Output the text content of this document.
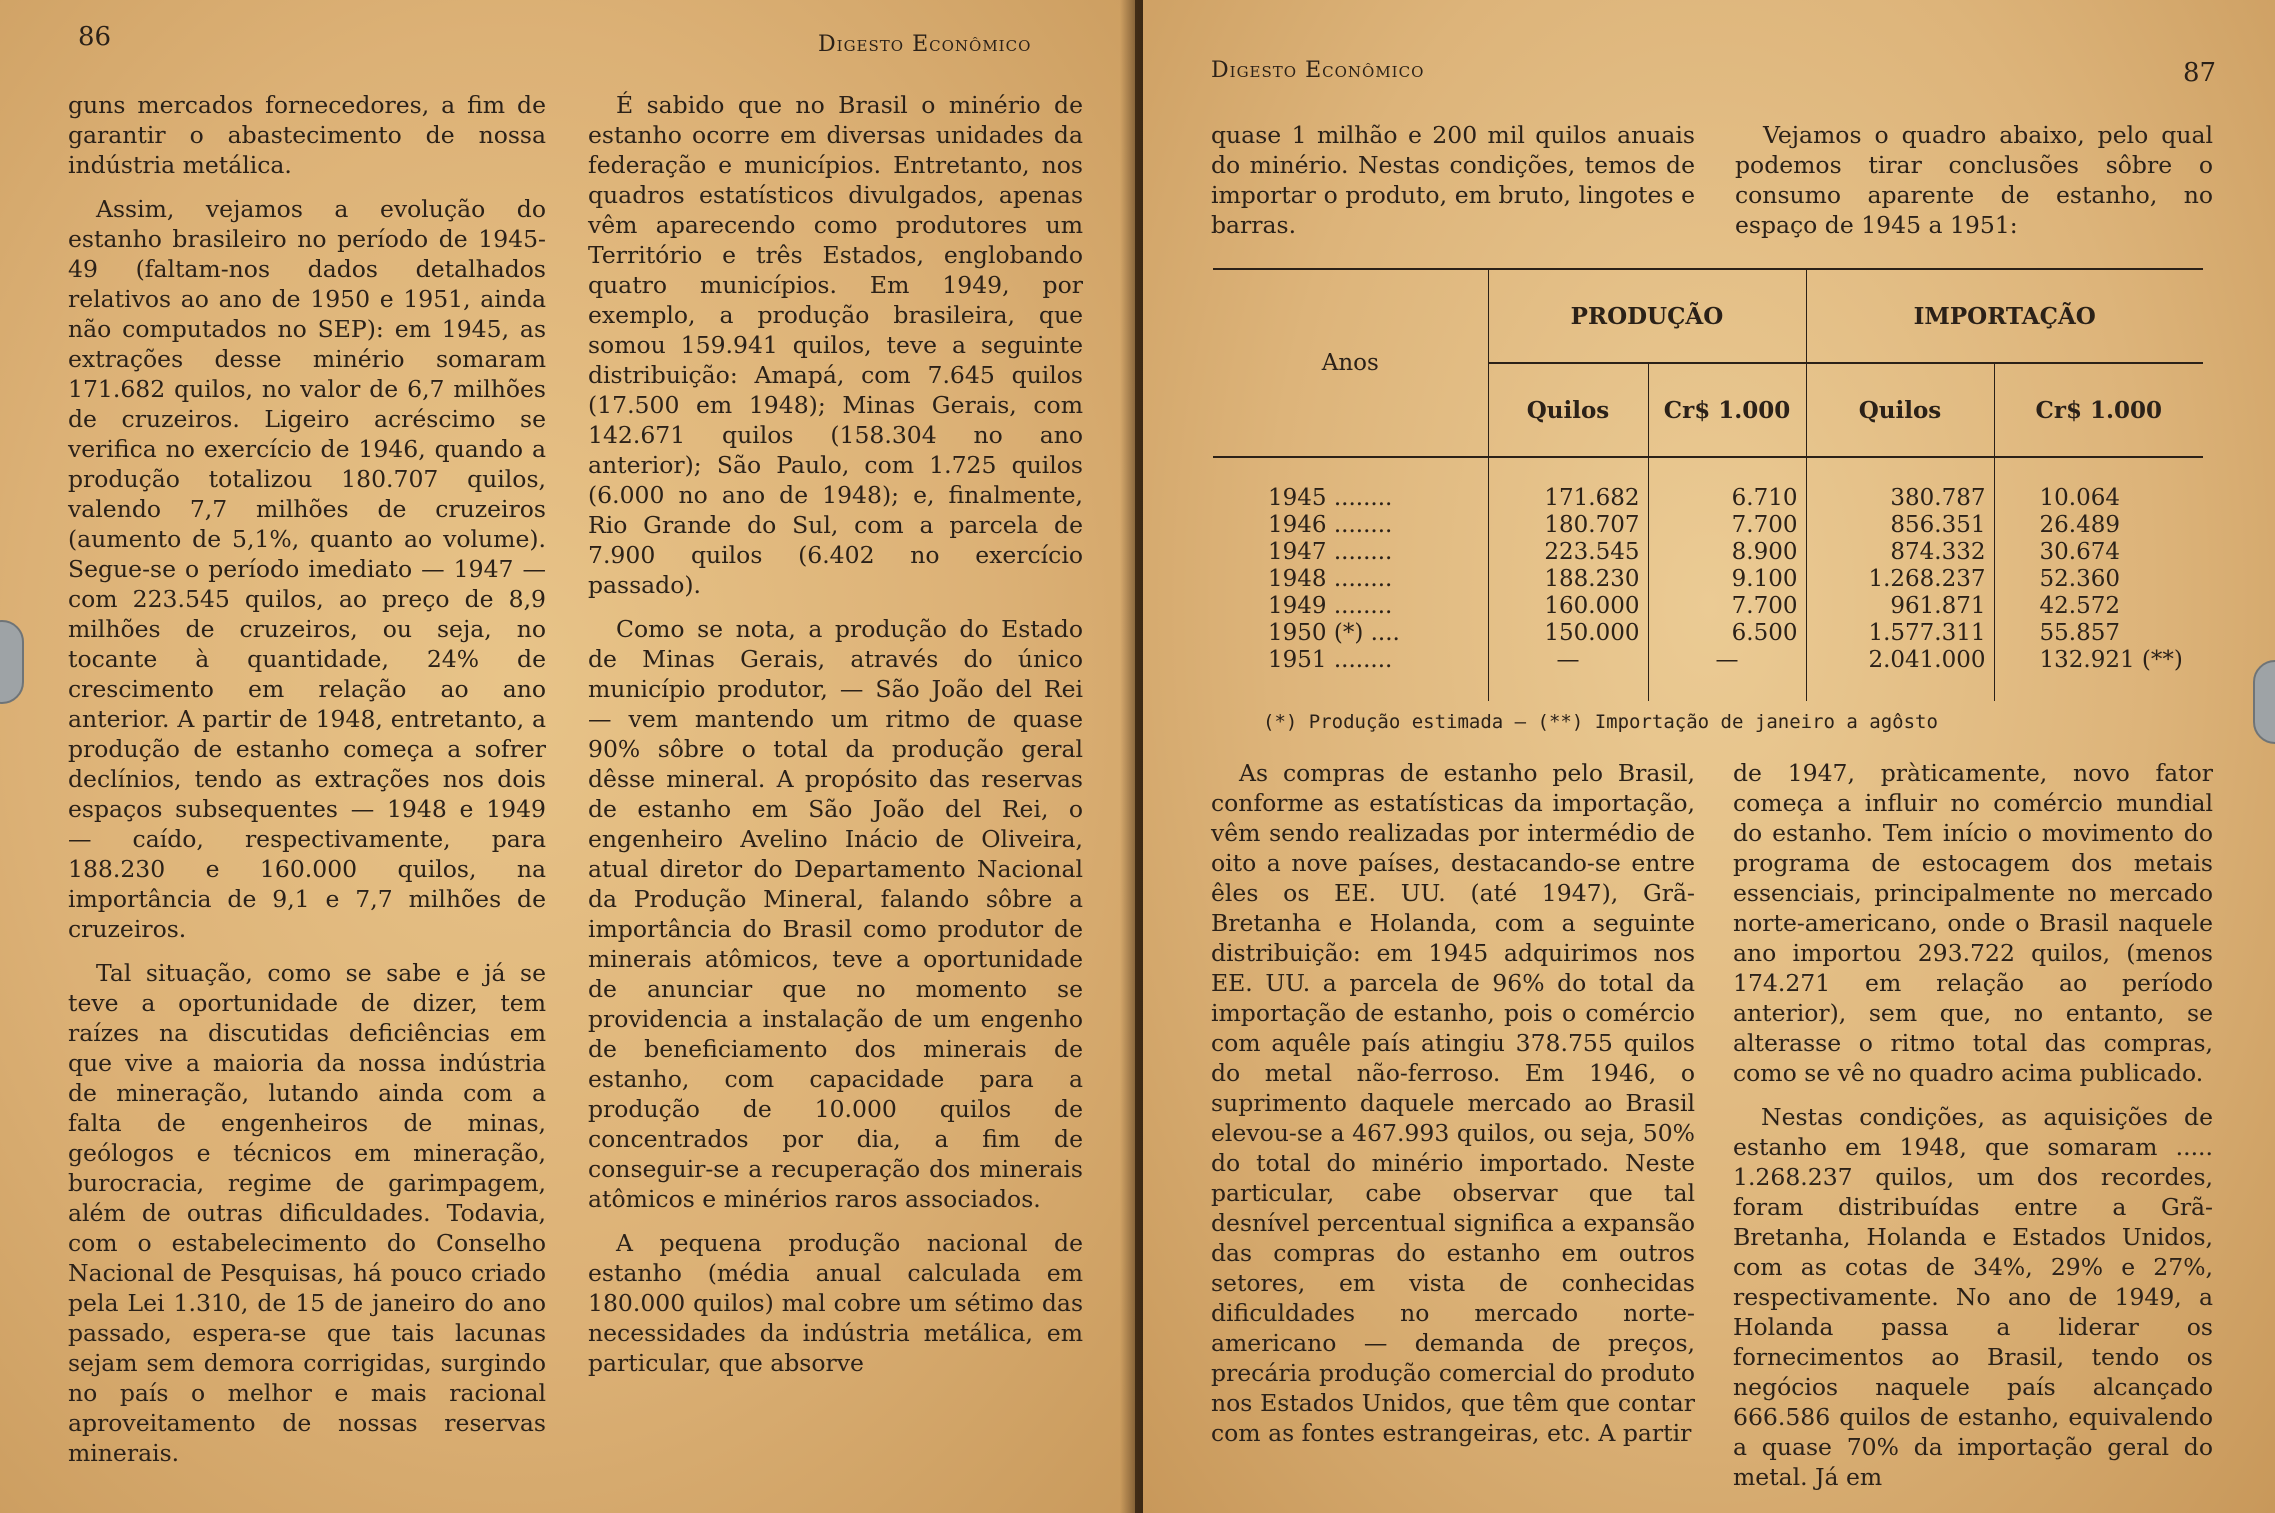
86	Digesto Econômico

guns mercados fornecedores, a fim de garantir o abastecimento de nossa indústria metálica.

Assim, vejamos a evolução do estanho brasileiro no período de 1945-49 (faltam-nos dados detalhados relativos ao ano de 1950 e 1951, ainda não computados no SEP): em 1945, as extrações desse minério somaram 171.682 quilos, no valor de 6,7 milhões de cruzeiros. Ligeiro acréscimo se verifica no exercício de 1946, quando a produção totalizou 180.707 quilos, valendo 7,7 milhões de cruzeiros (aumento de 5,1%, quanto ao volume). Segue-se o período imediato — 1947 — com 223.545 quilos, ao preço de 8,9 milhões de cruzeiros, ou seja, no tocante à quantidade, 24% de crescimento em relação ao ano anterior. A partir de 1948, entretanto, a produção de estanho começa a sofrer declínios, tendo as extrações nos dois espaços subsequentes — 1948 e 1949 — caído, respectivamente, para 188.230 e 160.000 quilos, na importância de 9,1 e 7,7 milhões de cruzeiros.

Tal situação, como se sabe e já se teve a oportunidade de dizer, tem raízes na discutidas deficiências em que vive a maioria da nossa indústria de mineração, lutando ainda com a falta de engenheiros de minas, geólogos e técnicos em mineração, burocracia, regime de garimpagem, além de outras dificuldades. Todavia, com o estabelecimento do Conselho Nacional de Pesquisas, há pouco criado pela Lei 1.310, de 15 de janeiro do ano passado, espera-se que tais lacunas sejam sem demora corrigidas, surgindo no país o melhor e mais racional aproveitamento de nossas reservas minerais.

É sabido que no Brasil o minério de estanho ocorre em diversas unidades da federação e municípios. Entretanto, nos quadros estatísticos divulgados, apenas vêm aparecendo como produtores um Território e três Estados, englobando quatro municípios. Em 1949, por exemplo, a produção brasileira, que somou 159.941 quilos, teve a seguinte distribuição: Amapá, com 7.645 quilos (17.500 em 1948); Minas Gerais, com 142.671 quilos (158.304 no ano anterior); São Paulo, com 1.725 quilos (6.000 no ano de 1948); e, finalmente, Rio Grande do Sul, com a parcela de 7.900 quilos (6.402 no exercício passado).

Como se nota, a produção do Estado de Minas Gerais, através do único município produtor, — São João del Rei — vem mantendo um ritmo de quase 90% sôbre o total da produção geral dêsse mineral. A propósito das reservas de estanho em São João del Rei, o engenheiro Avelino Inácio de Oliveira, atual diretor do Departamento Nacional da Produção Mineral, falando sôbre a importância do Brasil como produtor de minerais atômicos, teve a oportunidade de anunciar que no momento se providencia a instalação de um engenho de beneficiamento dos minerais de estanho, com capacidade para a produção de 10.000 quilos de concentrados por dia, a fim de conseguir-se a recuperação dos minerais atômicos e minérios raros associados.

A pequena produção nacional de estanho (média anual calculada em 180.000 quilos) mal cobre um sétimo das necessidades da indústria metálica, em particular, que absorve

Digesto Econômico	87

quase 1 milhão e 200 mil quilos anuais do minério. Nestas condições, temos de importar o produto, em bruto, lingotes e barras.

Vejamos o quadro abaixo, pelo qual podemos tirar conclusões sôbre o consumo aparente de estanho, no espaço de 1945 a 1951:

Anos	PRODUÇÃO		IMPORTAÇÃO	
	Quilos	Cr$ 1.000	Quilos	Cr$ 1.000

1945 ........	171.682	6.710	380.787	10.064
1946 ........	180.707	7.700	856.351	26.489
1947 ........	223.545	8.900	874.332	30.674
1948 ........	188.230	9.100	1.268.237	52.360
1949 ........	160.000	7.700	961.871	42.572
1950 (*) ....	150.000	6.500	1.577.311	55.857
1951 ........	—	—	2.041.000	132.921 (**)

(*) Produção estimada — (**) Importação de janeiro a agôsto

As compras de estanho pelo Brasil, conforme as estatísticas da importação, vêm sendo realizadas por intermédio de oito a nove países, destacando-se entre êles os EE. UU. (até 1947), Grã-Bretanha e Holanda, com a seguinte distribuição: em 1945 adquirimos nos EE. UU. a parcela de 96% do total da importação de estanho, pois o comércio com aquêle país atingiu 378.755 quilos do metal não-ferroso. Em 1946, o suprimento daquele mercado ao Brasil elevou-se a 467.993 quilos, ou seja, 50% do total do minério importado. Neste particular, cabe observar que tal desnível percentual significa a expansão das compras do estanho em outros setores, em vista de conhecidas dificuldades no mercado norte-americano — demanda de preços, precária produção comercial do produto nos Estados Unidos, que têm que contar com as fontes estrangeiras, etc. A partir

de 1947, pràticamente, novo fator começa a influir no comércio mundial do estanho. Tem início o movimento do programa de estocagem dos metais essenciais, principalmente no mercado norte-americano, onde o Brasil naquele ano importou 293.722 quilos, (menos 174.271 em relação ao período anterior), sem que, no entanto, se alterasse o ritmo total das compras, como se vê no quadro acima publicado.

Nestas condições, as aquisições de estanho em 1948, que somaram ..... 1.268.237 quilos, um dos recordes, foram distribuídas entre a Grã-Bretanha, Holanda e Estados Unidos, com as cotas de 34%, 29% e 27%, respectivamente. No ano de 1949, a Holanda passa a liderar os fornecimentos ao Brasil, tendo os negócios naquele país alcançado 666.586 quilos de estanho, equivalendo a quase 70% da importação geral do metal. Já em
